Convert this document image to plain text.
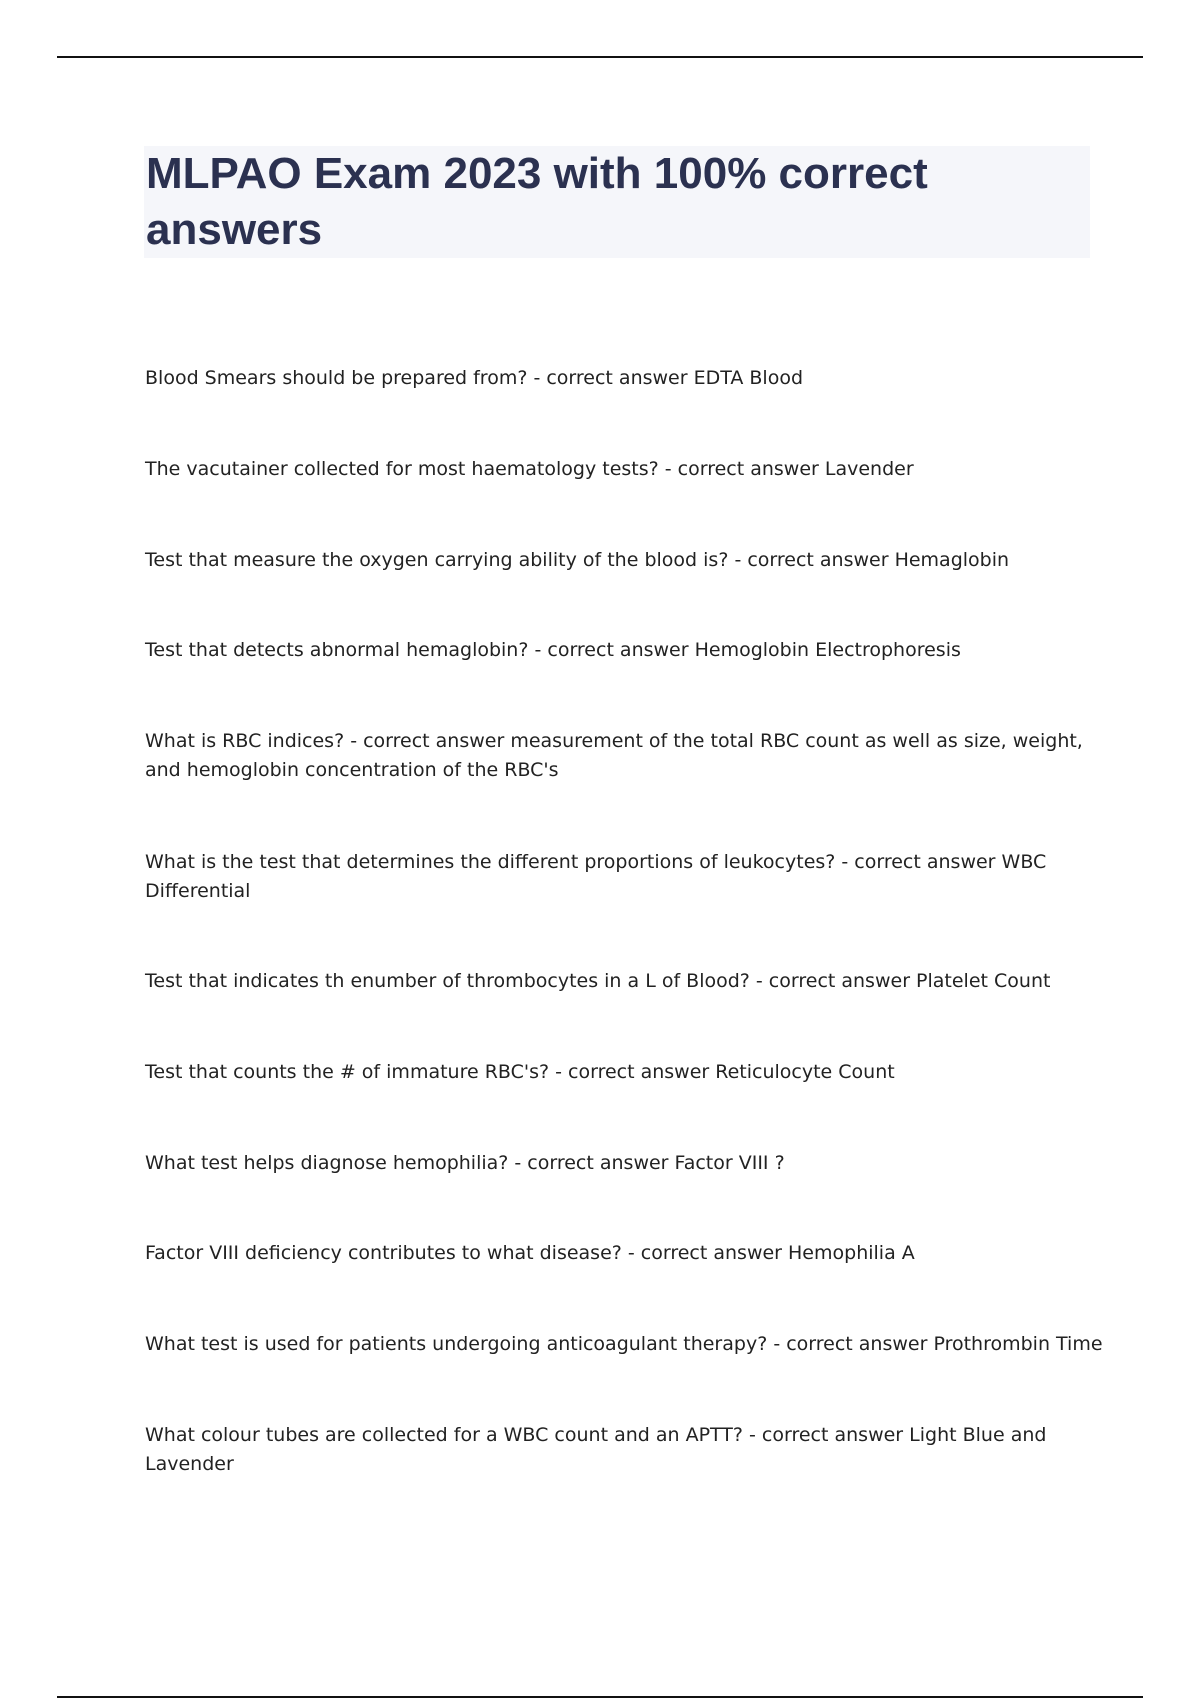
MLPAO Exam 2023 with 100% correct answers

Blood Smears should be prepared from? - correct answer EDTA Blood

The vacutainer collected for most haematology tests? - correct answer Lavender

Test that measure the oxygen carrying ability of the blood is? - correct answer Hemaglobin

Test that detects abnormal hemaglobin? - correct answer Hemoglobin Electrophoresis

What is RBC indices? - correct answer measurement of the total RBC count as well as size, weight, and hemoglobin concentration of the RBC's

What is the test that determines the different proportions of leukocytes? - correct answer WBC Differential

Test that indicates th enumber of thrombocytes in a L of Blood? - correct answer Platelet Count

Test that counts the # of immature RBC's? - correct answer Reticulocyte Count

What test helps diagnose hemophilia? - correct answer Factor VIII ?

Factor VIII deficiency contributes to what disease? - correct answer Hemophilia A

What test is used for patients undergoing anticoagulant therapy? - correct answer Prothrombin Time

What colour tubes are collected for a WBC count and an APTT? - correct answer Light Blue and Lavender
